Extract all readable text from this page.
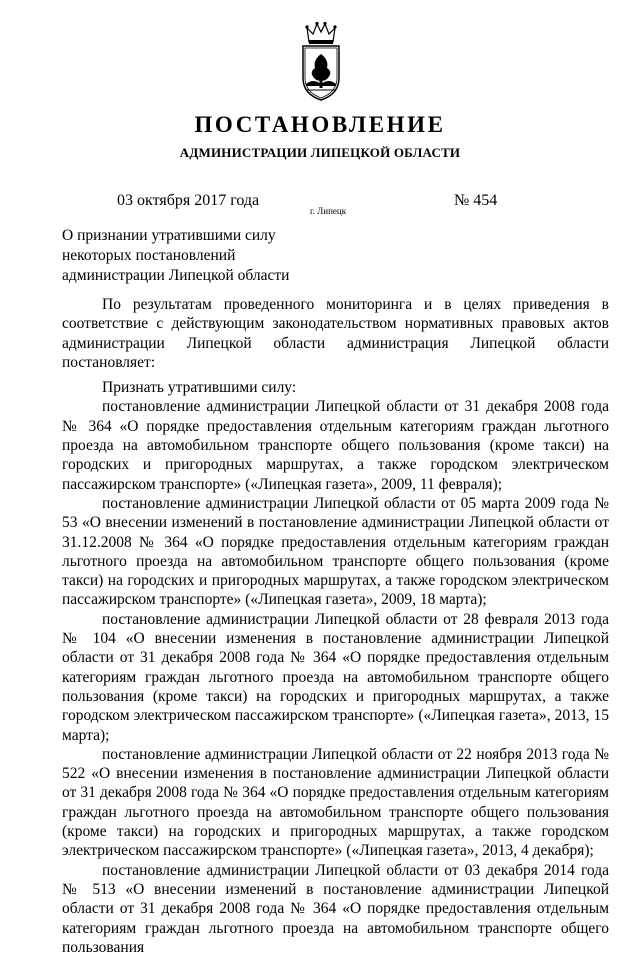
ПОСТАНОВЛЕНИЕ
АДМИНИСТРАЦИИ ЛИПЕЦКОЙ ОБЛАСТИ
03 октября 2017 года
г. Липецк
№ 454
О признании утратившими силу
некоторых постановлений
администрации Липецкой области

По результатам проведенного мониторинга и в целях приведения в соответствие с действующим законодательством нормативных правовых актов администрации Липецкой области администрация Липецкой области постановляет:

Признать утратившими силу:

постановление администрации Липецкой области от 31 декабря 2008 года № 364 «О порядке предоставления отдельным категориям граждан льготного проезда на автомобильном транспорте общего пользования (кроме такси) на городских и пригородных маршрутах, а также городском электрическом пассажирском транспорте» («Липецкая газета», 2009, 11 февраля);

постановление администрации Липецкой области от 05 марта 2009 года № 53 «О внесении изменений в постановление администрации Липецкой области от 31.12.2008 № 364 «О порядке предоставления отдельным категориям граждан льготного проезда на автомобильном транспорте общего пользования (кроме такси) на городских и пригородных маршрутах, а также городском электрическом пассажирском транспорте» («Липецкая газета», 2009, 18 марта);

постановление администрации Липецкой области от 28 февраля 2013 года № 104 «О внесении изменения в постановление администрации Липецкой области от 31 декабря 2008 года № 364 «О порядке предоставления отдельным категориям граждан льготного проезда на автомобильном транспорте общего пользования (кроме такси) на городских и пригородных маршрутах, а также городском электрическом пассажирском транспорте» («Липецкая газета», 2013, 15 марта);

постановление администрации Липецкой области от 22 ноября 2013 года № 522 «О внесении изменения в постановление администрации Липецкой области от 31 декабря 2008 года № 364 «О порядке предоставления отдельным категориям граждан льготного проезда на автомобильном транспорте общего пользования (кроме такси) на городских и пригородных маршрутах, а также городском электрическом пассажирском транспорте» («Липецкая газета», 2013, 4 декабря);

постановление администрации Липецкой области от 03 декабря 2014 года № 513 «О внесении изменений в постановление администрации Липецкой области от 31 декабря 2008 года № 364 «О порядке предоставления отдельным категориям граждан льготного проезда на автомобильном транспорте общего пользования
